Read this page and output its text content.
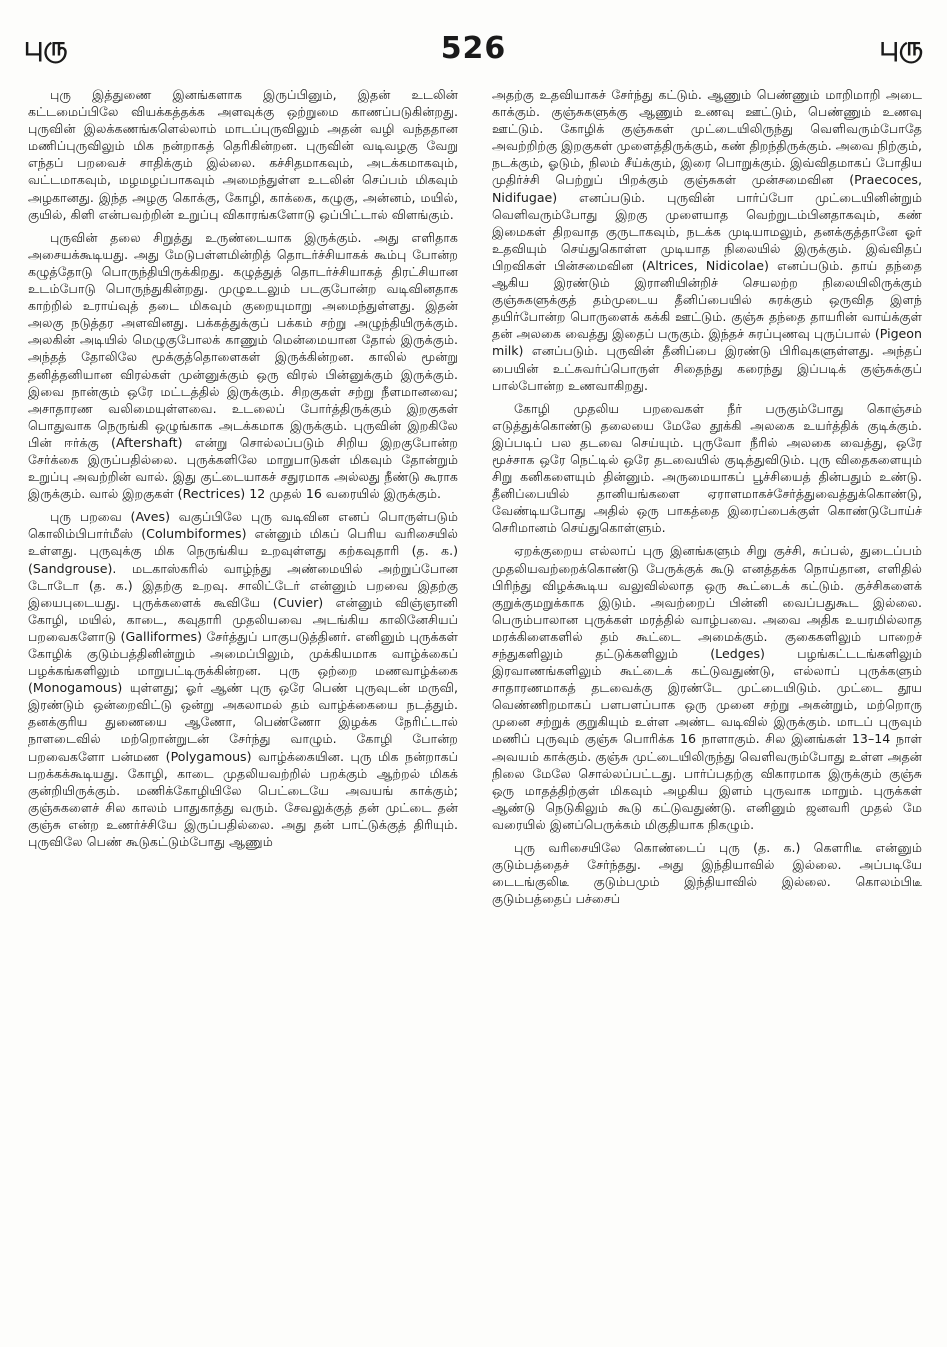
புரு	526	புரு

புரு இத்துணை இனங்களாக இருப்பினும், இதன் உடலின் கட்டமைப்பிலே வியக்கத்தக்க அளவுக்கு ஒற்றுமை காணப்படுகின்றது. புருவின் இலக்கணங்களெல்லாம் மாடப்புருவிலும் அதன் வழி வந்ததான மணிப்புருவிலும் மிக நன்றாகத் தெரிகின்றன. புருவின் வடிவழகு வேறு எந்தப் பறவைச் சாதிக்கும் இல்லை. கச்சிதமாகவும், அடக்கமாகவும், வட்டமாகவும், மழமழப்பாகவும் அமைந்துள்ள உடலின் செப்பம் மிகவும் அழகானது. இந்த அழகு கொக்கு, கோழி, காக்கை, கழுகு, அன்னம், மயில், குயில், கிளி என்பவற்றின் உறுப்பு விகாரங்களோடு ஒப்பிட்டால் விளங்கும்.

புருவின் தலை சிறுத்து உருண்டையாக இருக்கும். அது எளிதாக அசையக்கூடியது. அது மேடுபள்ளமின்றித் தொடர்ச்சியாகக் கூம்பு போன்ற கழுத்தோடு பொருந்தியிருக்கிறது. கழுத்துத் தொடர்ச்சியாகத் திரட்சியான உடம்போடு பொருந்துகின்றது. முழுஉடலும் படகுபோன்ற வடிவினதாக காற்றில் உராய்வுத் தடை மிகவும் குறையுமாறு அமைந்துள்ளது. இதன் அலகு நடுத்தர அளவினது. பக்கத்துக்குப் பக்கம் சற்று அழுந்தியிருக்கும். அலகின் அடியில் மெழுகுபோலக் காணும் மென்மையான தோல் இருக்கும். அந்தத் தோலிலே மூக்குத்தொளைகள் இருக்கின்றன. காலில் மூன்று தனித்தனியான விரல்கள் முன்னுக்கும் ஒரு விரல் பின்னுக்கும் இருக்கும். இவை நான்கும் ஒரே மட்டத்தில் இருக்கும். சிறகுகள் சற்று நீளமானவை; அசாதாரண வலிமையுள்ளவை. உடலைப் போர்த்திருக்கும் இறகுகள் பொதுவாக நெருங்கி ஒழுங்காக அடக்கமாக இருக்கும். புருவின் இறகிலே பின் ஈர்க்கு (Aftershaft) என்று சொல்லப்படும் சிறிய இறகுபோன்ற சேர்க்கை இருப்பதில்லை. புருக்களிலே மாறுபாடுகள் மிகவும் தோன்றும் உறுப்பு அவற்றின் வால். இது குட்டையாகச் சதுரமாக அல்லது நீண்டு கூராக இருக்கும். வால் இறகுகள் (Rectrices) 12 முதல் 16 வரையில் இருக்கும்.

புரு பறவை (Aves) வகுப்பிலே புரு வடிவின எனப் பொருள்படும் கொலிம்பிபார்மீஸ் (Columbiformes) என்னும் மிகப் பெரிய வரிசையில் உள்ளது. புருவுக்கு மிக நெருங்கிய உறவுள்ளது கற்கவுதாரி (த. க.) (Sandgrouse). மடகாஸ்கரில் வாழ்ந்து அண்மையில் அற்றுப்போன டோடோ (த. க.) இதற்கு உறவு. சாலிட்டேர் என்னும் பறவை இதற்கு இயைபுடையது. புருக்களைக் கூவியே (Cuvier) என்னும் விஞ்ஞானி கோழி, மயில், காடை, கவுதாரி முதலியவை அடங்கிய காலினேசியப் பறவைகளோடு (Galliformes) சேர்த்துப் பாகுபடுத்தினர். எனினும் புருக்கள் கோழிக் குடும்பத்தினின்றும் அமைப்பிலும், முக்கியமாக வாழ்க்கைப் பழக்கங்களிலும் மாறுபட்டிருக்கின்றன. புரு ஒற்றை மணவாழ்க்கை (Monogamous) யுள்ளது; ஓர் ஆண் புரு ஒரே பெண் புருவுடன் மருவி, இரண்டும் ஒன்றைவிட்டு ஒன்று அகலாமல் தம் வாழ்க்கையை நடத்தும். தனக்குரிய துணையை ஆணோ, பெண்ணோ இழக்க நேரிட்டால் நாளடைவில் மற்றொன்றுடன் சேர்ந்து வாழும். கோழி போன்ற பறவைகளோ பன்மண (Polygamous) வாழ்க்கையின. புரு மிக நன்றாகப் பறக்கக்கூடியது. கோழி, காடை முதலியவற்றில் பறக்கும் ஆற்றல் மிகக் குன்றியிருக்கும். மணிக்கோழியிலே பெட்டையே அவயங் காக்கும்; குஞ்சுகளைச் சில காலம் பாதுகாத்து வரும். சேவலுக்குத் தன் முட்டை தன் குஞ்சு என்ற உணர்ச்சியே இருப்பதில்லை. அது தன் பாட்டுக்குத் திரியும். புருவிலே பெண் கூடுகட்டும்போது ஆணும்

அதற்கு உதவியாகச் சேர்ந்து கட்டும். ஆணும் பெண்ணும் மாறிமாறி அடை காக்கும். குஞ்சுகளுக்கு ஆணும் உணவு ஊட்டும், பெண்ணும் உணவு ஊட்டும். கோழிக் குஞ்சுகள் முட்டையிலிருந்து வெளிவரும்போதே அவற்றிற்கு இறகுகள் முளைத்திருக்கும், கண் திறந்திருக்கும். அவை நிற்கும், நடக்கும், ஓடும், நிலம் சீய்க்கும், இரை பொறுக்கும். இவ்விதமாகப் போதிய முதிர்ச்சி பெற்றுப் பிறக்கும் குஞ்சுகள் முன்சமைவின (Praecoces, Nidifugae) எனப்படும். புருவின் பார்ப்போ முட்டையினின்றும் வெளிவரும்போது இறகு முளையாத வெற்றுடம்பினதாகவும், கண் இமைகள் திறவாத குருடாகவும், நடக்க முடியாமலும், தனக்குத்தானே ஓர் உதவியும் செய்துகொள்ள முடியாத நிலையில் இருக்கும். இவ்விதப் பிறவிகள் பின்சமைவின (Altrices, Nidicolae) எனப்படும். தாய் தந்தை ஆகிய இரண்டும் இரானியின்றிச் செயலற்ற நிலையிலிருக்கும் குஞ்சுகளுக்குத் தம்முடைய தீனிப்பையில் சுரக்கும் ஒருவித இளந் தயிர்போன்ற பொருளைக் கக்கி ஊட்டும். குஞ்சு தந்தை தாயரின் வாய்க்குள் தன் அலகை வைத்து இதைப் பருகும். இந்தச் சுரப்புணவு புருப்பால் (Pigeon milk) எனப்படும். புருவின் தீனிப்பை இரண்டு பிரிவுகளுள்ளது. அந்தப் பையின் உட்சுவர்ப்பொருள் சிதைந்து கரைந்து இப்படிக் குஞ்சுக்குப் பால்போன்ற உணவாகிறது.

கோழி முதலிய பறவைகள் நீர் பருகும்போது கொஞ்சம் எடுத்துக்கொண்டு தலையை மேலே தூக்கி அலகை உயர்த்திக் குடிக்கும். இப்படிப் பல தடவை செய்யும். புருவோ நீரில் அலகை வைத்து, ஒரே மூச்சாக ஒரே நெட்டில் ஒரே தடவையில் குடித்துவிடும். புரு விதைகளையும் சிறு கனிகளையும் தின்னும். அருமையாகப் பூச்சியைத் தின்பதும் உண்டு. தீனிப்பையில் தானியங்களை ஏராளமாகச்சேர்த்துவைத்துக்கொண்டு, வேண்டியபோது அதில் ஒரு பாகத்தை இரைப்பைக்குள் கொண்டுபோய்ச் செரிமானம் செய்துகொள்ளும்.

ஏறக்குறைய எல்லாப் புரு இனங்களும் சிறு குச்சி, சுப்பல், துடைப்பம் முதலியவற்றைக்கொண்டு பேருக்குக் கூடு எனத்தக்க நொய்தான, எளிதில் பிரிந்து விழக்கூடிய வலுவில்லாத ஒரு கூட்டைக் கட்டும். குச்சிகளைக் குறுக்குமறுக்காக இடும். அவற்றைப் பின்னி வைப்பதுகூட இல்லை. பெரும்பாலான புருக்கள் மரத்தில் வாழ்பவை. அவை அதிக உயரமில்லாத மரக்கிளைகளில் தம் கூட்டை அமைக்கும். குகைகளிலும் பாறைச் சந்துகளிலும் தட்டுக்களிலும் (Ledges) பழங்கட்டடங்களிலும் இரவாணங்களிலும் கூட்டைக் கட்டுவதுண்டு, எல்லாப் புருக்களும் சாதாரணமாகத் தடவைக்கு இரண்டே முட்டையிடும். முட்டை தூய வெண்ணிறமாகப் பளபளப்பாக ஒரு முனை சற்று அகன்றும், மற்றொரு முனை சற்றுக் குறுகியும் உள்ள அண்ட வடிவில் இருக்கும். மாடப் புருவும் மணிப் புருவும் குஞ்சு பொரிக்க 16 நாளாகும். சில இனங்கள் 13–14 நாள் அவயம் காக்கும். குஞ்சு முட்டையிலிருந்து வெளிவரும்போது உள்ள அதன் நிலை மேலே சொல்லப்பட்டது. பார்ப்பதற்கு விகாரமாக இருக்கும் குஞ்சு ஒரு மாதத்திற்குள் மிகவும் அழகிய இளம் புருவாக மாறும். புருக்கள் ஆண்டு நெடுகிலும் கூடு கட்டுவதுண்டு. எனினும் ஜனவரி முதல் மே வரையில் இனப்பெருக்கம் மிகுதியாக நிகழும்.

புரு வரிசையிலே கொண்டைப் புரு (த. க.) கௌரிடீ என்னும் குடும்பத்தைச் சேர்ந்தது. அது இந்தியாவில் இல்லை. அப்படியே டைடங்குலிடீ குடும்பமும் இந்தியாவில் இல்லை. கொலம்பிடீ குடும்பத்தைப் பச்சைப்
